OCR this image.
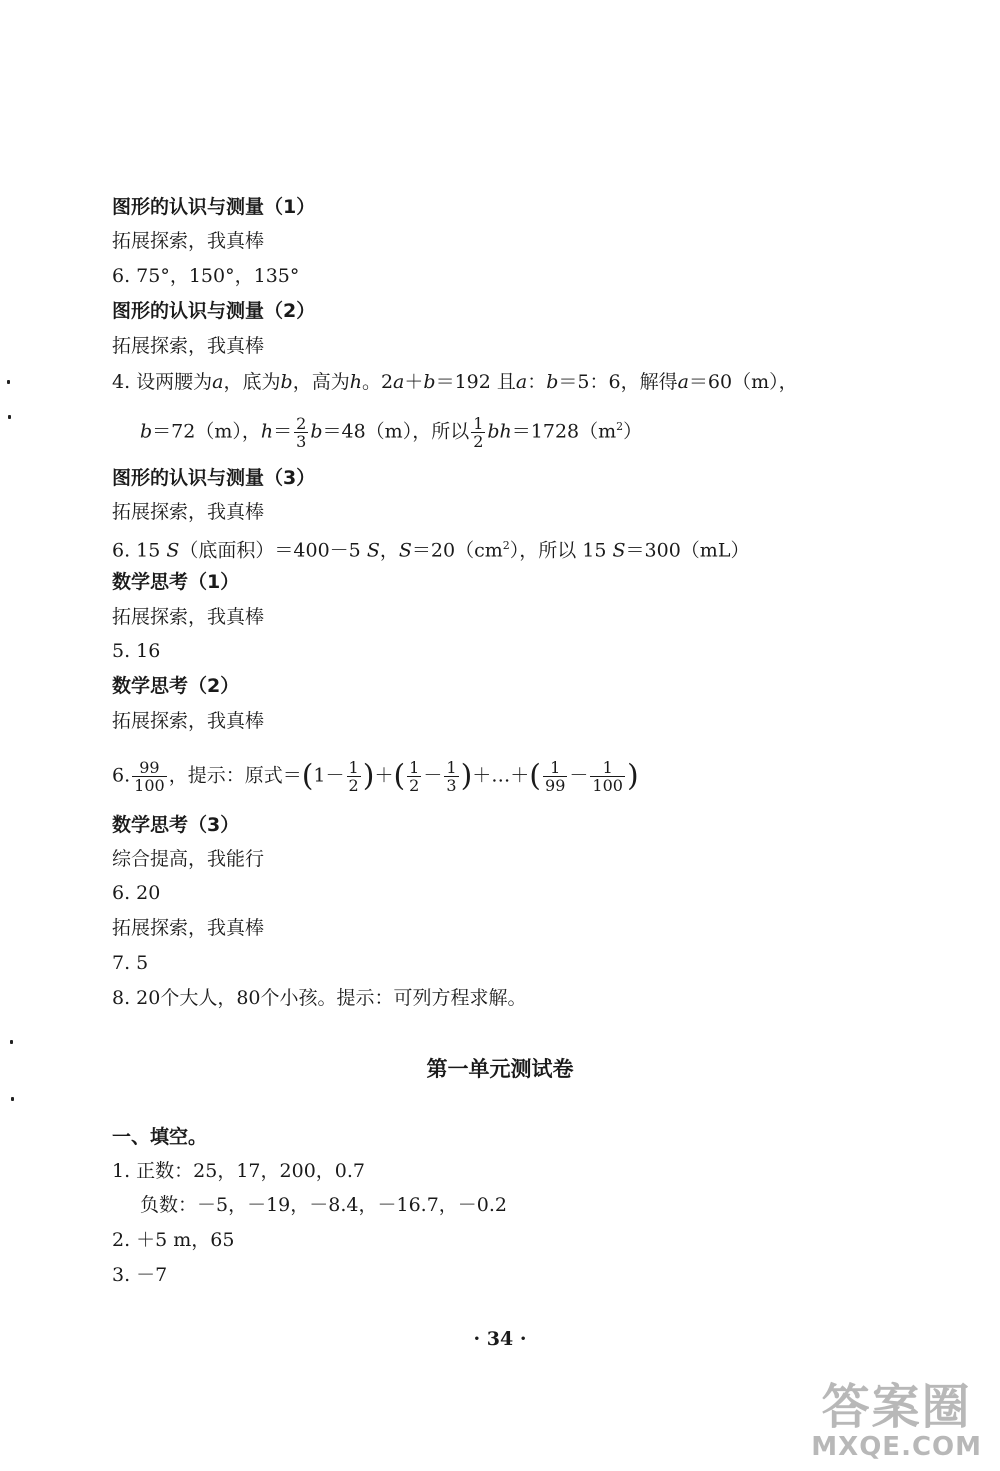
图形的认识与测量（1）
拓展探索，我真棒
6. 75°，150°，135°
图形的认识与测量（2）
拓展探索，我真棒
4. 设两腰为a，底为b，高为h。2a＋b＝192 且a：b＝5：6，解得a＝60（m），
b＝72（m），$h= \frac{2}{3} b=48(m)$，所以 $\frac{1}{2} bh=1728(m^2)$
图形的认识与测量（3）
拓展探索，我真棒
6. 15 S（底面积）＝400－5 S，$S=20(cm^2)$，所以 15 S＝300（mL）
数学思考（1）
拓展探索，我真棒
5. 16
数学思考（2）
拓展探索，我真棒
6. $\frac{99}{100}$ ，提示：原式$=(1- \frac{1}{2}$ )＋( $\frac{1}{2} - \frac{1}{3}$ )＋…＋( $\frac{1}{99} - \frac{1}{100}$ )
数学思考（3）
综合提高，我能行
6. 20
拓展探索，我真棒
7. 5
8. 20个大人，80个小孩。提示：可列方程求解。
第一单元测试卷
一、填空。
1. 正数：25，17，200，0.7
负数：－5，－19，－8.4，－16.7，－0.2
2. ＋5 m，65
3. －7
· 34 ·
答案圈
MXQE.COM
